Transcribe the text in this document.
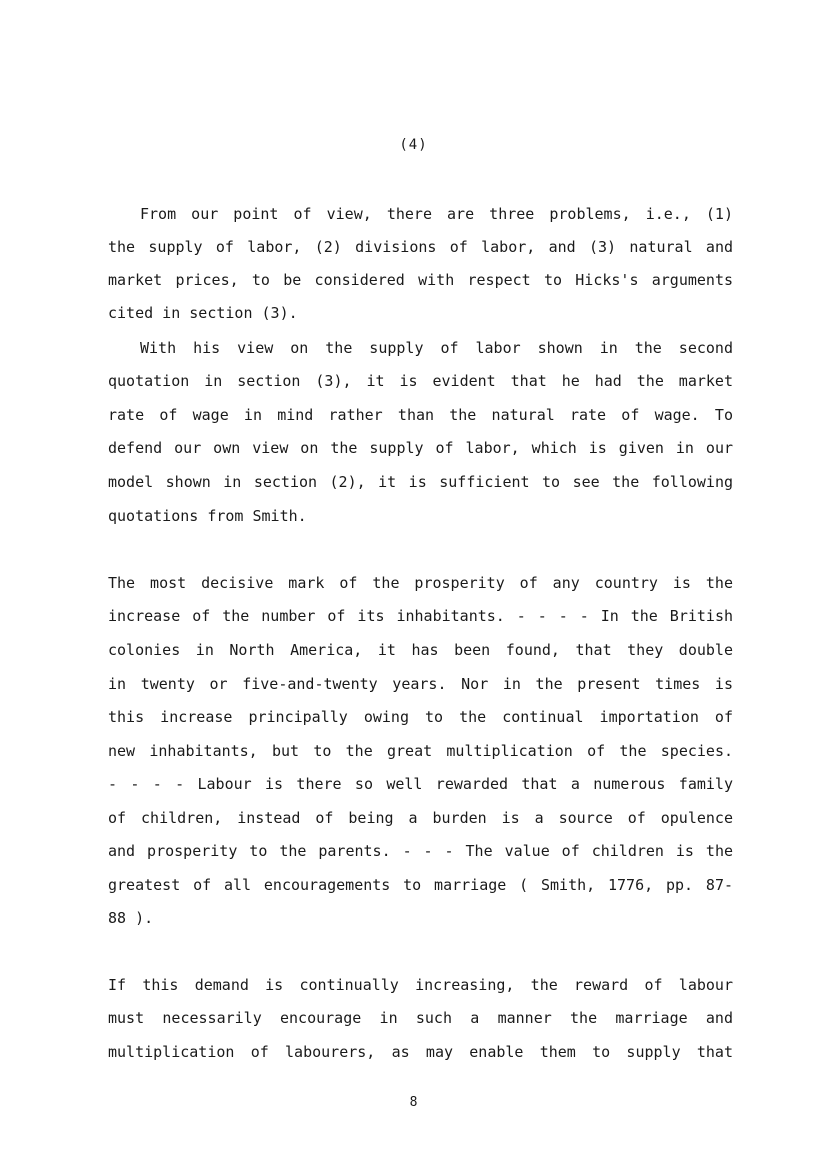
(4)
From our point of view, there are three problems, i.e., (1)
the supply of labor, (2) divisions of labor, and (3) natural and
market prices, to be considered with respect to Hicks's arguments
cited in section (3).
With his view on the supply of labor shown in the second
quotation in section (3), it is evident that he had the market
rate of wage in mind rather than the natural rate of wage. To
defend our own view on the supply of labor, which is given in our
model shown in section (2), it is sufficient to see the following
quotations from Smith.
The most decisive mark of the prosperity of any country is the
increase of the number of its inhabitants. - - - - In the British
colonies in North America, it has been found, that they double
in twenty or five-and-twenty years. Nor in the present times is
this increase principally owing to the continual importation of
new inhabitants, but to the great multiplication of the species.
- - - - Labour is there so well rewarded that a numerous family
of children, instead of being a burden is a source of opulence
and prosperity to the parents. - - - The value of children is the
greatest of all encouragements to marriage ( Smith, 1776, pp. 87-
88 ).
If this demand is continually increasing, the reward of labour
must necessarily encourage in such a manner the marriage and
multiplication of labourers, as may enable them to supply that
8
